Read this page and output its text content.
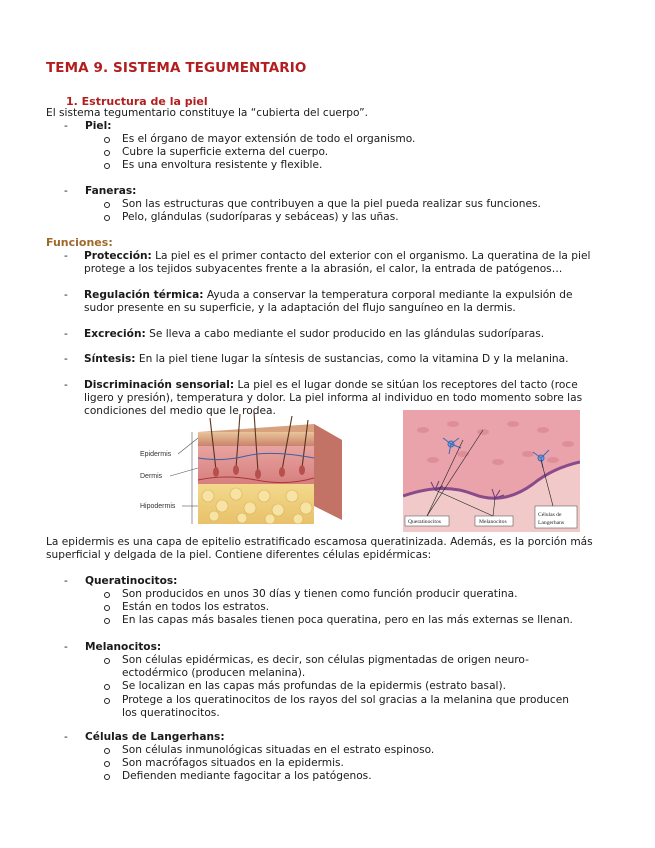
TEMA 9. SISTEMA TEGUMENTARIO
1. Estructura de la piel
El sistema tegumentario constituye la “cubierta del cuerpo”.
- Piel:
Es el órgano de mayor extensión de todo el organismo.
Cubre la superficie externa del cuerpo.
Es una envoltura resistente y flexible.
- Faneras:
Son las estructuras que contribuyen a que la piel pueda realizar sus funciones.
Pelo, glándulas (sudoríparas y sebáceas) y las uñas.
Funciones:
- Protección: La piel es el primer contacto del exterior con el organismo. La queratina de la piel protege a los tejidos subyacentes frente a la abrasión, el calor, la entrada de patógenos…
- Regulación térmica: Ayuda a conservar la temperatura corporal mediante la expulsión de sudor presente en su superficie, y la adaptación del flujo sanguíneo en la dermis.
- Excreción: Se lleva a cabo mediante el sudor producido en las glándulas sudoríparas.
- Síntesis: En la piel tiene lugar la síntesis de sustancias, como la vitamina D y la melanina.
- Discriminación sensorial: La piel es el lugar donde se sitúan los receptores del tacto (roce ligero y presión), temperatura y dolor. La piel informa al individuo en todo momento sobre las condiciones del medio que le rodea.
Epidermis
Dermis
Hipodermis
Queratinocitos	Melanocitos
Células de Langerhans
La epidermis es una capa de epitelio estratificado escamosa queratinizada. Además, es la porción más superficial y delgada de la piel. Contiene diferentes células epidérmicas:
- Queratinocitos:
Son producidos en unos 30 días y tienen como función producir queratina.
Están en todos los estratos.
En las capas más basales tienen poca queratina, pero en las más externas se llenan.
- Melanocitos:
Son células epidérmicas, es decir, son células pigmentadas de origen neuro-ectodérmico (producen melanina).
Se localizan en las capas más profundas de la epidermis (estrato basal).
Protege a los queratinocitos de los rayos del sol gracias a la melanina que producen los queratinocitos.
- Células de Langerhans:
Son células inmunológicas situadas en el estrato espinoso.
Son macrófagos situados en la epidermis.
Defienden mediante fagocitar a los patógenos.
